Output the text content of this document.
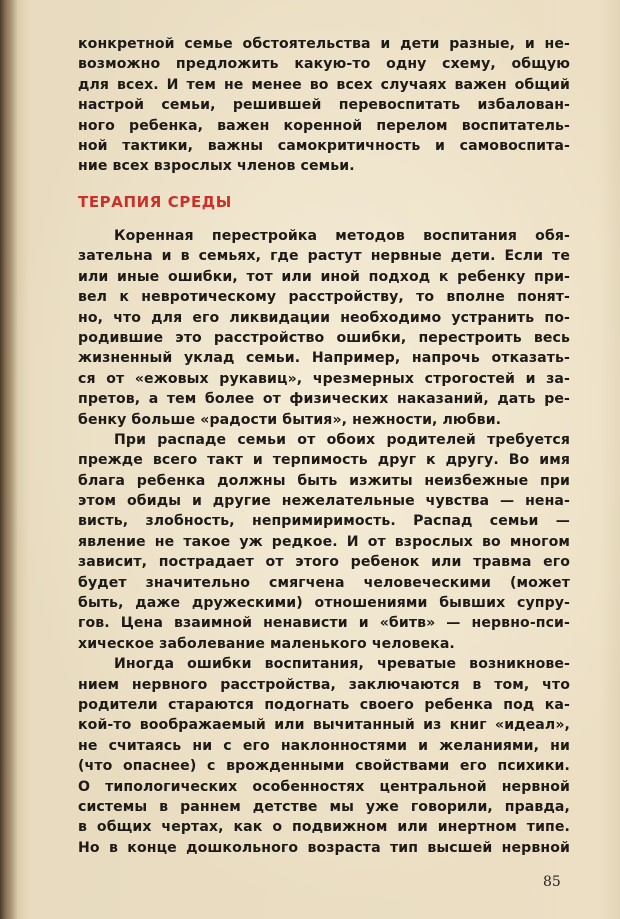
конкретной семье обстоятельства и дети разные, и не-
возможно предложить какую-то одну схему, общую
для всех. И тем не менее во всех случаях важен общий
настрой семьи, решившей перевоспитать избалован-
ного ребенка, важен коренной перелом воспитатель-
ной тактики, важны самокритичность и самовоспита-
ние всех взрослых членов семьи.
ТЕРАПИЯ СРЕДЫ
Коренная перестройка методов воспитания обя-
зательна и в семьях, где растут нервные дети. Если те
или иные ошибки, тот или иной подход к ребенку при-
вел к невротическому расстройству, то вполне понят-
но, что для его ликвидации необходимо устранить по-
родившие это расстройство ошибки, перестроить весь
жизненный уклад семьи. Например, напрочь отказать-
ся от «ежовых рукавиц», чрезмерных строгостей и за-
претов, а тем более от физических наказаний, дать ре-
бенку больше «радости бытия», нежности, любви.
При распаде семьи от обоих родителей требуется
прежде всего такт и терпимость друг к другу. Во имя
блага ребенка должны быть изжиты неизбежные при
этом обиды и другие нежелательные чувства — нена-
висть, злобность, непримиримость. Распад семьи —
явление не такое уж редкое. И от взрослых во многом
зависит, пострадает от этого ребенок или травма его
будет значительно смягчена человеческими (может
быть, даже дружескими) отношениями бывших супру-
гов. Цена взаимной ненависти и «битв» — нервно-пси-
хическое заболевание маленького человека.
Иногда ошибки воспитания, чреватые возникнове-
нием нервного расстройства, заключаются в том, что
родители стараются подогнать своего ребенка под ка-
кой-то воображаемый или вычитанный из книг «идеал»,
не считаясь ни с его наклонностями и желаниями, ни
(что опаснее) с врожденными свойствами его психики.
О типологических особенностях центральной нервной
системы в раннем детстве мы уже говорили, правда,
в общих чертах, как о подвижном или инертном типе.
Но в конце дошкольного возраста тип высшей нервной
85
